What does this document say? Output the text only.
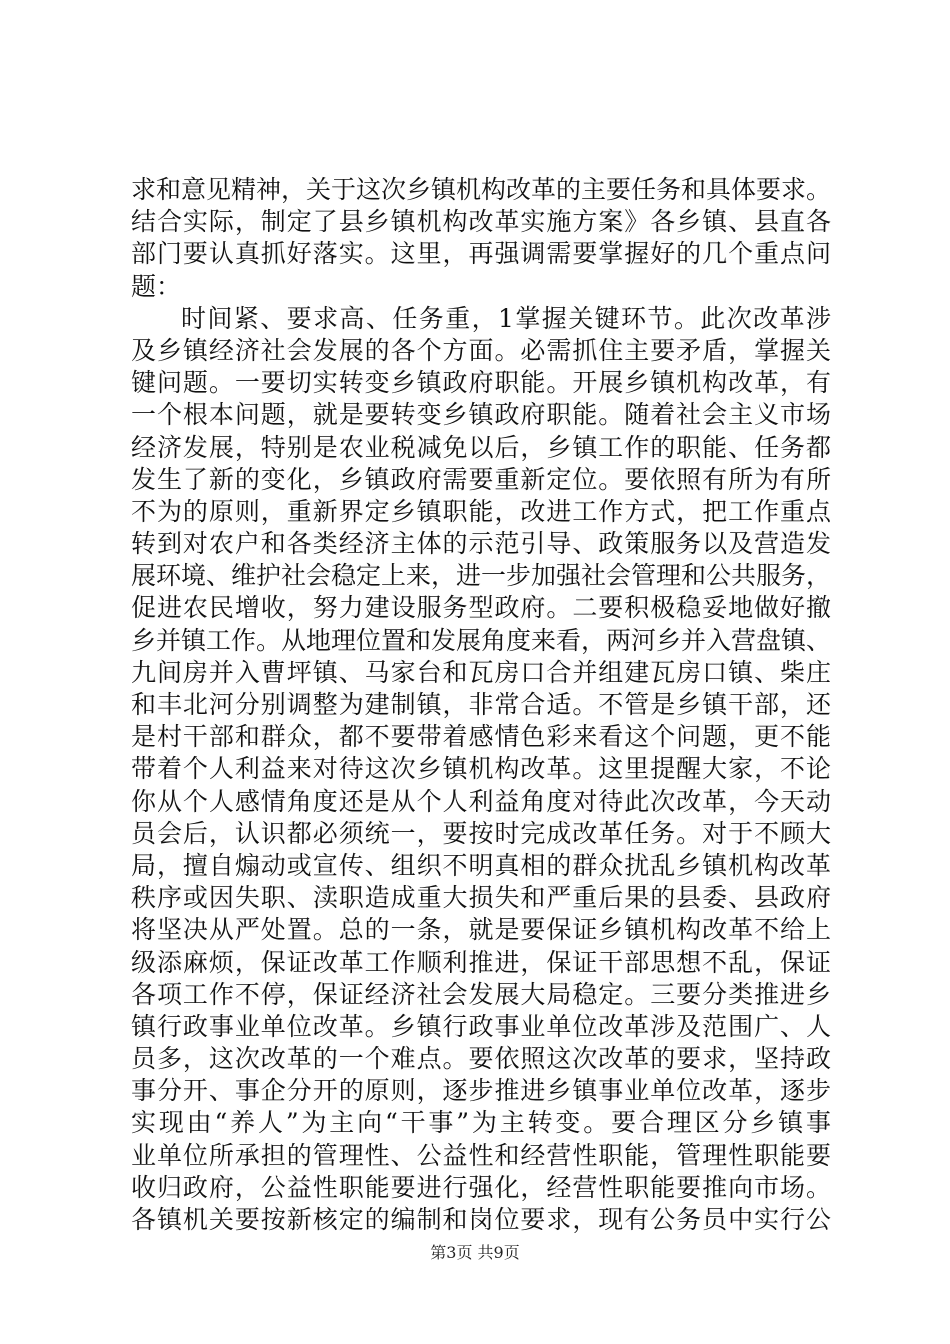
求和意见精神，关于这次乡镇机构改革的主要任务和具体要求。
结合实际，制定了县乡镇机构改革实施方案》各乡镇、县直各
部门要认真抓好落实。这里，再强调需要掌握好的几个重点问
题：
时间紧、要求高、任务重，1掌握关键环节。此次改革涉
及乡镇经济社会发展的各个方面。必需抓住主要矛盾，掌握关
键问题。一要切实转变乡镇政府职能。开展乡镇机构改革，有
一个根本问题，就是要转变乡镇政府职能。随着社会主义市场
经济发展，特别是农业税减免以后，乡镇工作的职能、任务都
发生了新的变化，乡镇政府需要重新定位。要依照有所为有所
不为的原则，重新界定乡镇职能，改进工作方式，把工作重点
转到对农户和各类经济主体的示范引导、政策服务以及营造发
展环境、维护社会稳定上来，进一步加强社会管理和公共服务，
促进农民增收，努力建设服务型政府。二要积极稳妥地做好撤
乡并镇工作。从地理位置和发展角度来看，两河乡并入营盘镇、
九间房并入曹坪镇、马家台和瓦房口合并组建瓦房口镇、柴庄
和丰北河分别调整为建制镇，非常合适。不管是乡镇干部，还
是村干部和群众，都不要带着感情色彩来看这个问题，更不能
带着个人利益来对待这次乡镇机构改革。这里提醒大家，不论
你从个人感情角度还是从个人利益角度对待此次改革，今天动
员会后，认识都必须统一，要按时完成改革任务。对于不顾大
局，擅自煽动或宣传、组织不明真相的群众扰乱乡镇机构改革
秩序或因失职、渎职造成重大损失和严重后果的县委、县政府
将坚决从严处置。总的一条，就是要保证乡镇机构改革不给上
级添麻烦，保证改革工作顺利推进，保证干部思想不乱，保证
各项工作不停，保证经济社会发展大局稳定。三要分类推进乡
镇行政事业单位改革。乡镇行政事业单位改革涉及范围广、人
员多，这次改革的一个难点。要依照这次改革的要求，坚持政
事分开、事企分开的原则，逐步推进乡镇事业单位改革，逐步
实现由“养人”为主向“干事”为主转变。要合理区分乡镇事
业单位所承担的管理性、公益性和经营性职能，管理性职能要
收归政府，公益性职能要进行强化，经营性职能要推向市场。
各镇机关要按新核定的编制和岗位要求，现有公务员中实行公
第3页 共9页
